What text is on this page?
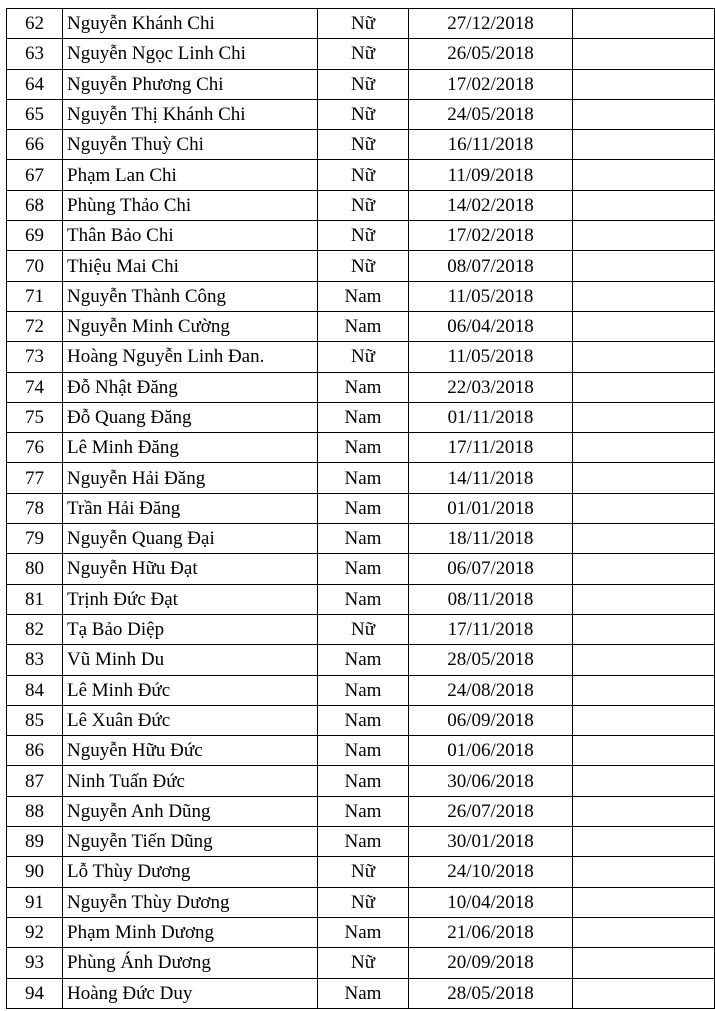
62	Nguyễn Khánh Chi	Nữ	27/12/2018	
63	Nguyễn Ngọc Linh Chi	Nữ	26/05/2018	
64	Nguyễn Phương Chi	Nữ	17/02/2018	
65	Nguyễn Thị Khánh Chi	Nữ	24/05/2018	
66	Nguyễn Thuỳ Chi	Nữ	16/11/2018	
67	Phạm Lan Chi	Nữ	11/09/2018	
68	Phùng Thảo Chi	Nữ	14/02/2018	
69	Thân Bảo Chi	Nữ	17/02/2018	
70	Thiệu Mai Chi	Nữ	08/07/2018	
71	Nguyễn Thành Công	Nam	11/05/2018	
72	Nguyễn Minh Cường	Nam	06/04/2018	
73	Hoàng Nguyễn Linh Đan.	Nữ	11/05/2018	
74	Đỗ Nhật Đăng	Nam	22/03/2018	
75	Đỗ Quang Đăng	Nam	01/11/2018	
76	Lê Minh Đăng	Nam	17/11/2018	
77	Nguyễn Hải Đăng	Nam	14/11/2018	
78	Trần Hải Đăng	Nam	01/01/2018	
79	Nguyễn Quang Đại	Nam	18/11/2018	
80	Nguyễn Hữu Đạt	Nam	06/07/2018	
81	Trịnh Đức Đạt	Nam	08/11/2018	
82	Tạ Bảo Diệp	Nữ	17/11/2018	
83	Vũ Minh Du	Nam	28/05/2018	
84	Lê Minh Đức	Nam	24/08/2018	
85	Lê Xuân Đức	Nam	06/09/2018	
86	Nguyễn Hữu Đức	Nam	01/06/2018	
87	Ninh Tuấn Đức	Nam	30/06/2018	
88	Nguyễn Anh Dũng	Nam	26/07/2018	
89	Nguyễn Tiến Dũng	Nam	30/01/2018	
90	Lỗ Thùy Dương	Nữ	24/10/2018	
91	Nguyễn Thùy Dương	Nữ	10/04/2018	
92	Phạm Minh Dương	Nam	21/06/2018	
93	Phùng Ánh Dương	Nữ	20/09/2018	
94	Hoàng Đức Duy	Nam	28/05/2018	
